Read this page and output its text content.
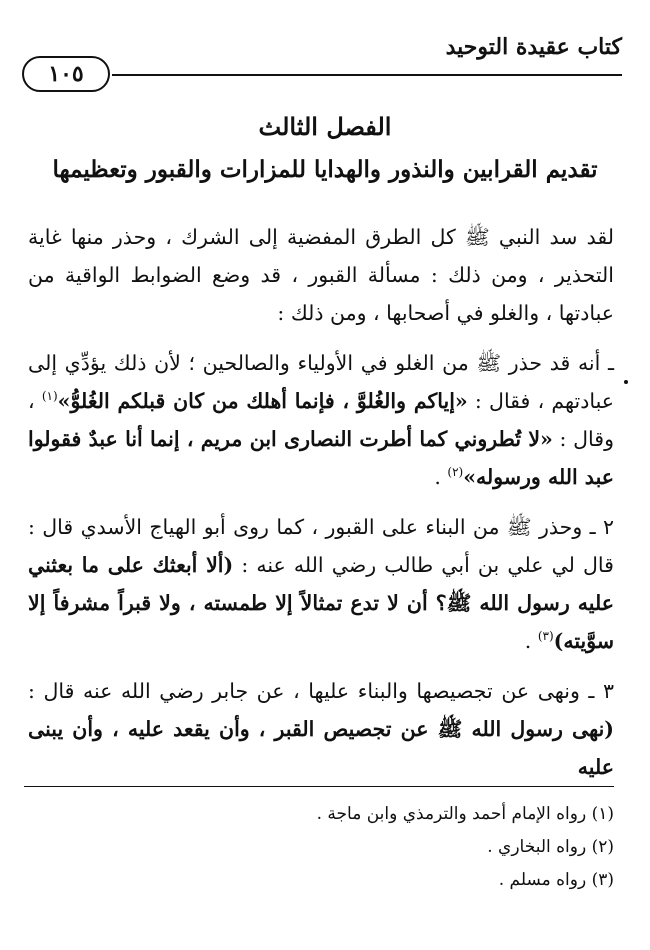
كتاب عقيدة التوحيد
١٠٥
الفصل الثالث
تقديم القرابين والنذور والهدايا للمزارات والقبور وتعظيمها

لقد سد النبي ﷺ كل الطرق المفضية إلى الشرك ، وحذر منها غاية التحذير ، ومن ذلك : مسألة القبور ، قد وضع الضوابط الواقية من عبادتها ، والغلو في أصحابها ، ومن ذلك :

ـ أنه قد حذر ﷺ من الغلو في الأولياء والصالحين ؛ لأن ذلك يؤدِّي إلى عبادتهم ، فقال : «إياكم والغُلوَّ ، فإنما أهلك من كان قبلكم الغُلوُّ»$^{(١)}$ ، وقال : «لا تُطروني كما أطرت النصارى ابن مريم ، إنما أنا عبدٌ فقولوا عبد الله ورسوله»$^{(٢)}$ .

٢ ـ وحذر ﷺ من البناء على القبور ، كما روى أبو الهياج الأسدي قال : قال لي علي بن أبي طالب رضي الله عنه : (ألا أبعثك على ما بعثني عليه رسول الله ﷺ؟ أن لا تدع تمثالاً إلا طمسته ، ولا قبراً مشرفاً إلا سوَّيته)$^{(٣)}$ .

٣ ـ ونهى عن تجصيصها والبناء عليها ، عن جابر رضي الله عنه قال : (نهى رسول الله ﷺ عن تجصيص القبر ، وأن يقعد عليه ، وأن يبنى عليه

(١) رواه الإمام أحمد والترمذي وابن ماجة .
(٢) رواه البخاري .
(٣) رواه مسلم .
